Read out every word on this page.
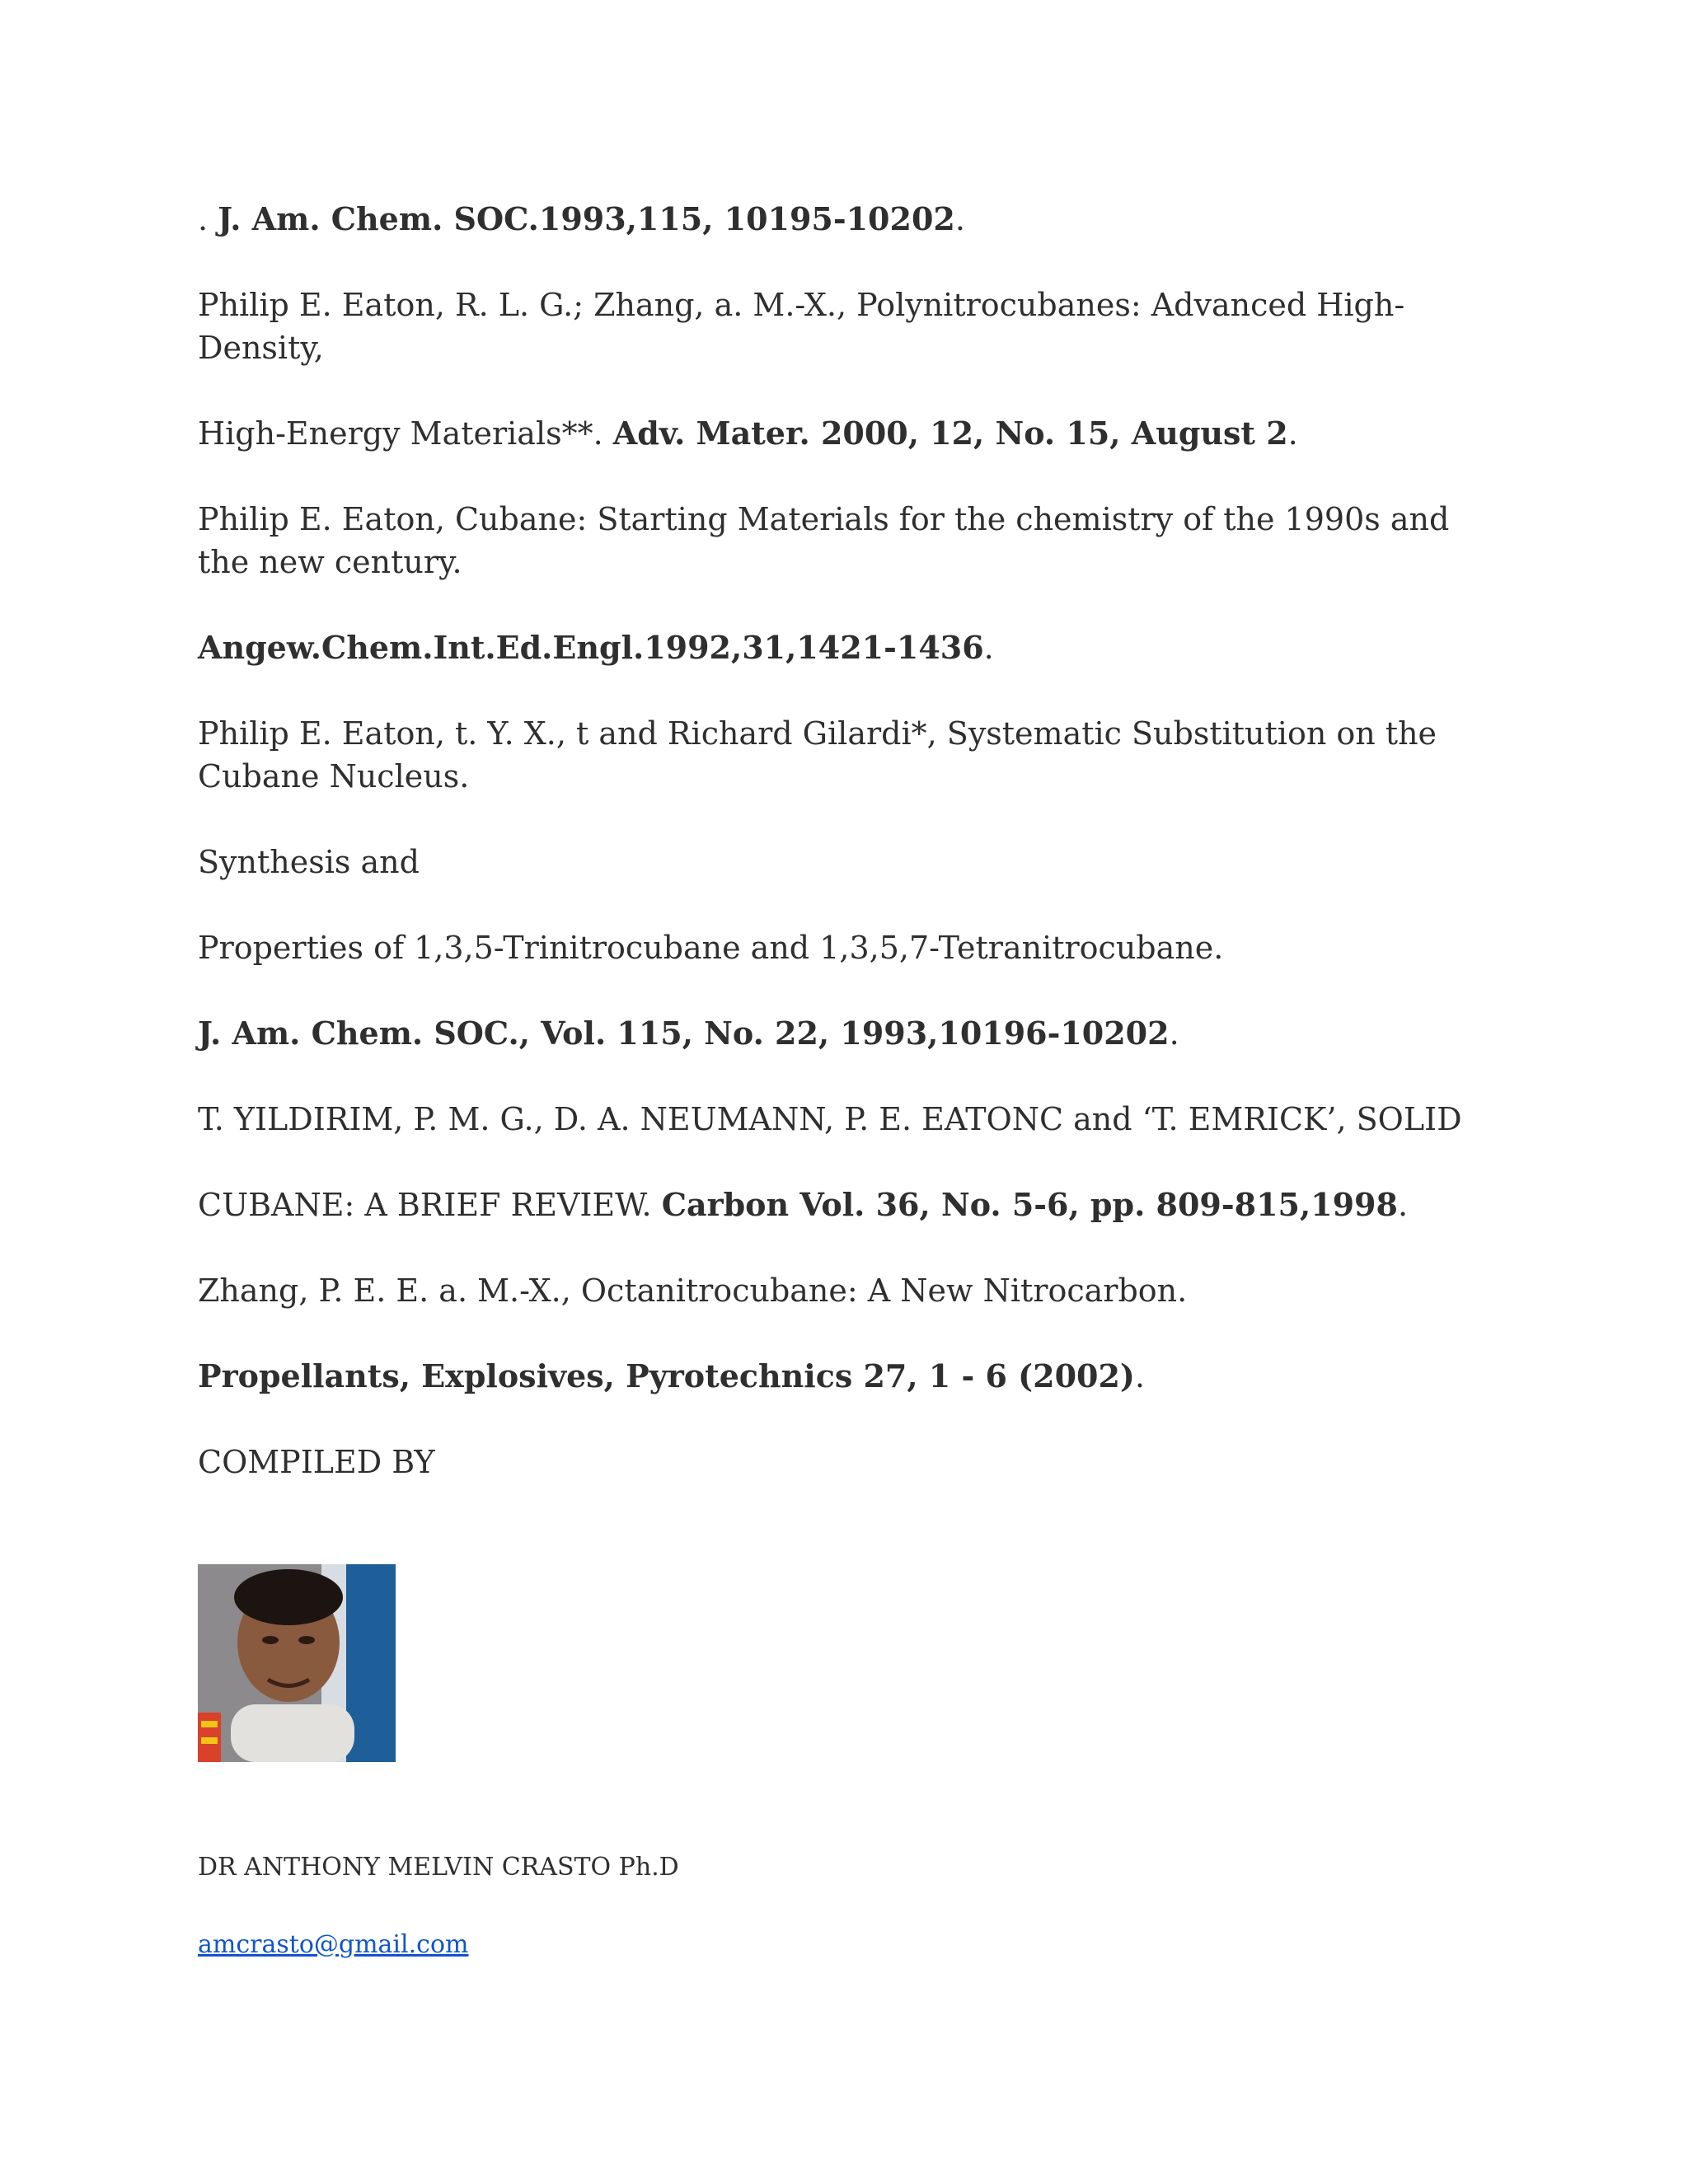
. J. Am. Chem. SOC.1993,115, 10195-10202.

Philip E. Eaton, R. L. G.; Zhang, a. M.-X., Polynitrocubanes: Advanced High-Density,

High-Energy Materials**. Adv. Mater. 2000, 12, No. 15, August 2.

Philip E. Eaton, Cubane: Starting Materials for the chemistry of the 1990s and the new century.

Angew.Chem.Int.Ed.Engl.1992,31,1421-1436.

Philip E. Eaton, t. Y. X., t and Richard Gilardi*, Systematic Substitution on the Cubane Nucleus.

Synthesis and

Properties of 1,3,5-Trinitrocubane and 1,3,5,7-Tetranitrocubane.

J. Am. Chem. SOC., Vol. 115, No. 22, 1993,10196-10202.

T. YILDIRIM, P. M. G., D. A. NEUMANN, P. E. EATONC and ‘T. EMRICK’, SOLID

CUBANE: A BRIEF REVIEW. Carbon Vol. 36, No. 5-6, pp. 809-815,1998.

Zhang, P. E. E. a. M.-X., Octanitrocubane: A New Nitrocarbon.

Propellants, Explosives, Pyrotechnics 27, 1 - 6 (2002).

COMPILED BY

DR ANTHONY MELVIN CRASTO Ph.D
amcrasto@gmail.com
